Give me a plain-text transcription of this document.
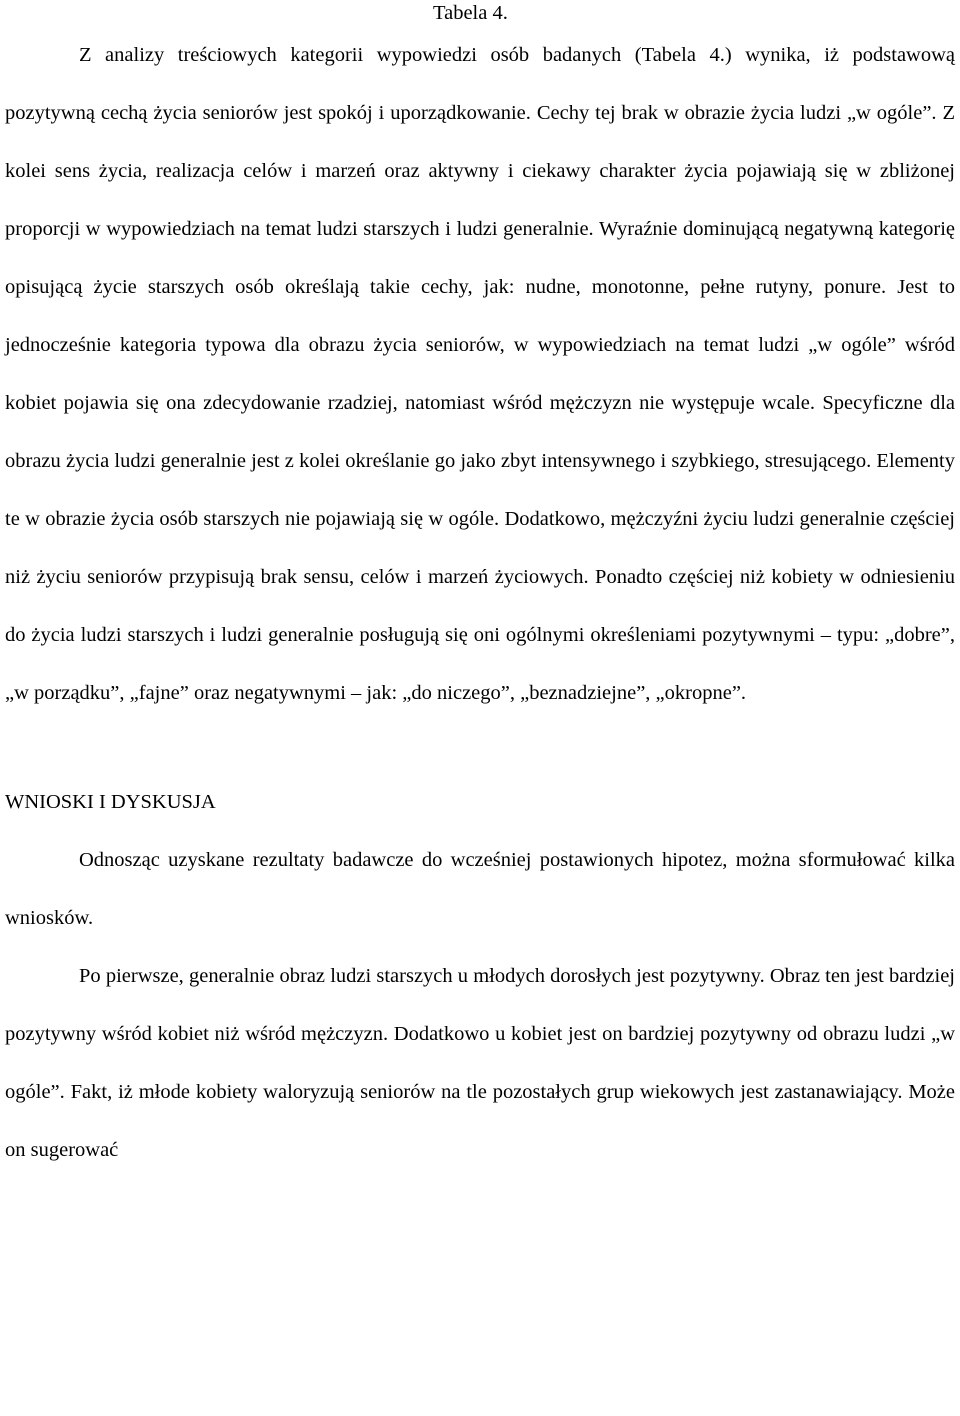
Tabela 4.

Z analizy treściowych kategorii wypowiedzi osób badanych (Tabela 4.) wynika, iż podstawową pozytywną cechą życia seniorów jest spokój i uporządkowanie. Cechy tej brak w obrazie życia ludzi „w ogóle”. Z kolei sens życia, realizacja celów i marzeń oraz aktywny i ciekawy charakter życia pojawiają się w zbliżonej proporcji w wypowiedziach na temat ludzi starszych i ludzi generalnie. Wyraźnie dominującą negatywną kategorię opisującą życie starszych osób określają takie cechy, jak: nudne, monotonne, pełne rutyny, ponure. Jest to jednocześnie kategoria typowa dla obrazu życia seniorów, w wypowiedziach na temat ludzi „w ogóle” wśród kobiet pojawia się ona zdecydowanie rzadziej, natomiast wśród mężczyzn nie występuje wcale. Specyficzne dla obrazu życia ludzi generalnie jest z kolei określanie go jako zbyt intensywnego i szybkiego, stresującego. Elementy te w obrazie życia osób starszych nie pojawiają się w ogóle. Dodatkowo, mężczyźni życiu ludzi generalnie częściej niż życiu seniorów przypisują brak sensu, celów i marzeń życiowych. Ponadto częściej niż kobiety w odniesieniu do życia ludzi starszych i ludzi generalnie posługują się oni ogólnymi określeniami pozytywnymi – typu: „dobre”, „w porządku”, „fajne” oraz negatywnymi – jak: „do niczego”, „beznadziejne”, „okropne”.

WNIOSKI I DYSKUSJA

Odnosząc uzyskane rezultaty badawcze do wcześniej postawionych hipotez, można sformułować kilka wniosków.

Po pierwsze, generalnie obraz ludzi starszych u młodych dorosłych jest pozytywny. Obraz ten jest bardziej pozytywny wśród kobiet niż wśród mężczyzn. Dodatkowo u kobiet jest on bardziej pozytywny od obrazu ludzi „w ogóle”. Fakt, iż młode kobiety waloryzują seniorów na tle pozostałych grup wiekowych jest zastanawiający. Może on sugerować
